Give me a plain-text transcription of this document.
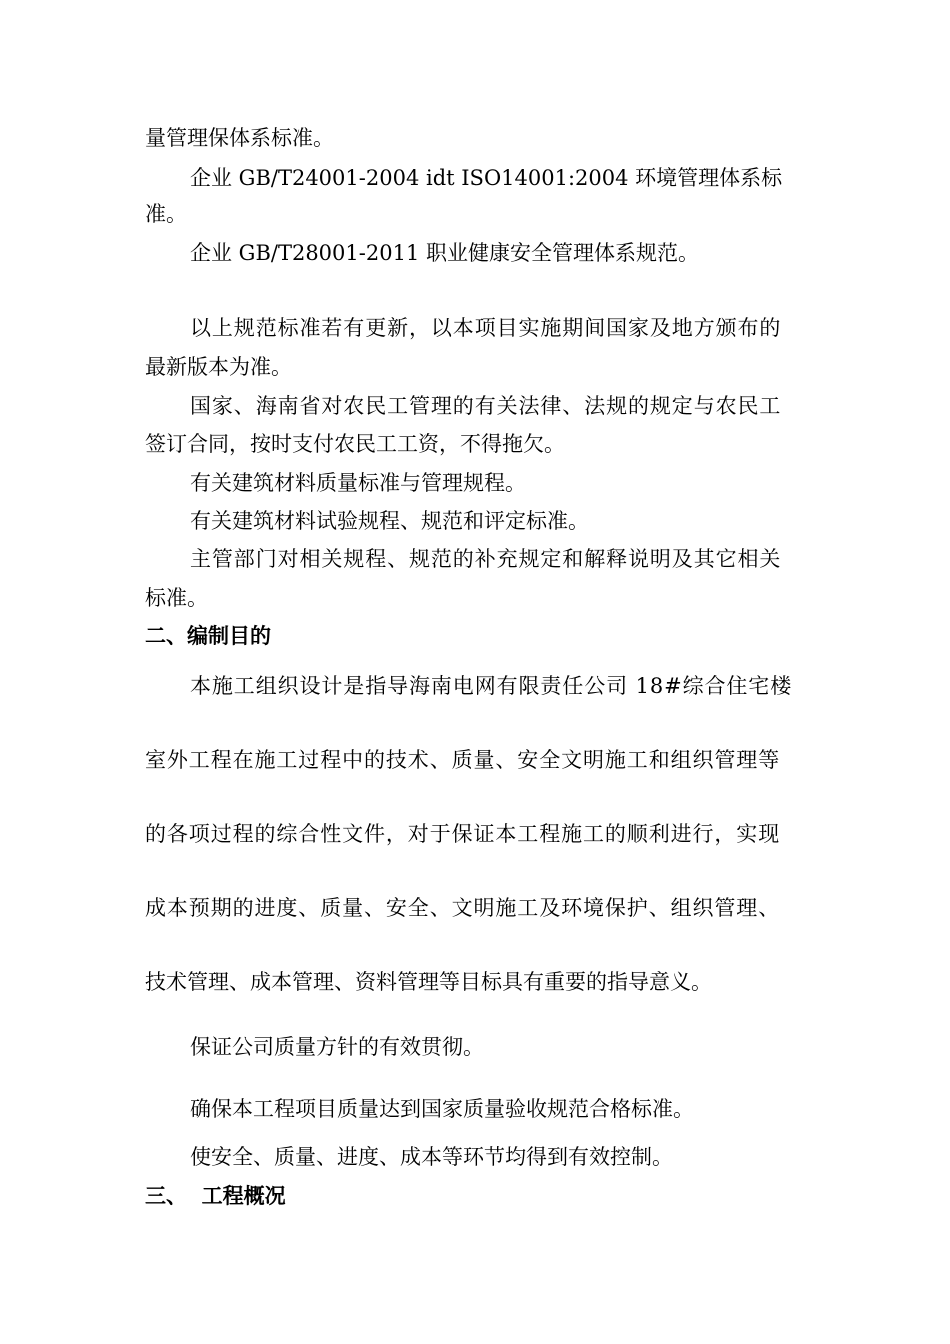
量管理保体系标准。
企业 GB/T24001-2004 idt ISO14001:2004 环境管理体系标
准。
企业 GB/T28001-2011 职业健康安全管理体系规范。
以上规范标准若有更新，以本项目实施期间国家及地方颁布的
最新版本为准。
国家、海南省对农民工管理的有关法律、法规的规定与农民工
签订合同，按时支付农民工工资，不得拖欠。
有关建筑材料质量标准与管理规程。
有关建筑材料试验规程、规范和评定标准。
主管部门对相关规程、规范的补充规定和解释说明及其它相关
标准。
二、编制目的
本施工组织设计是指导海南电网有限责任公司 18#综合住宅楼
室外工程在施工过程中的技术、质量、安全文明施工和组织管理等
的各项过程的综合性文件，对于保证本工程施工的顺利进行，实现
成本预期的进度、质量、安全、文明施工及环境保护、组织管理、
技术管理、成本管理、资料管理等目标具有重要的指导意义。
保证公司质量方针的有效贯彻。
确保本工程项目质量达到国家质量验收规范合格标准。
使安全、质量、进度、成本等环节均得到有效控制。
三、  工程概况
